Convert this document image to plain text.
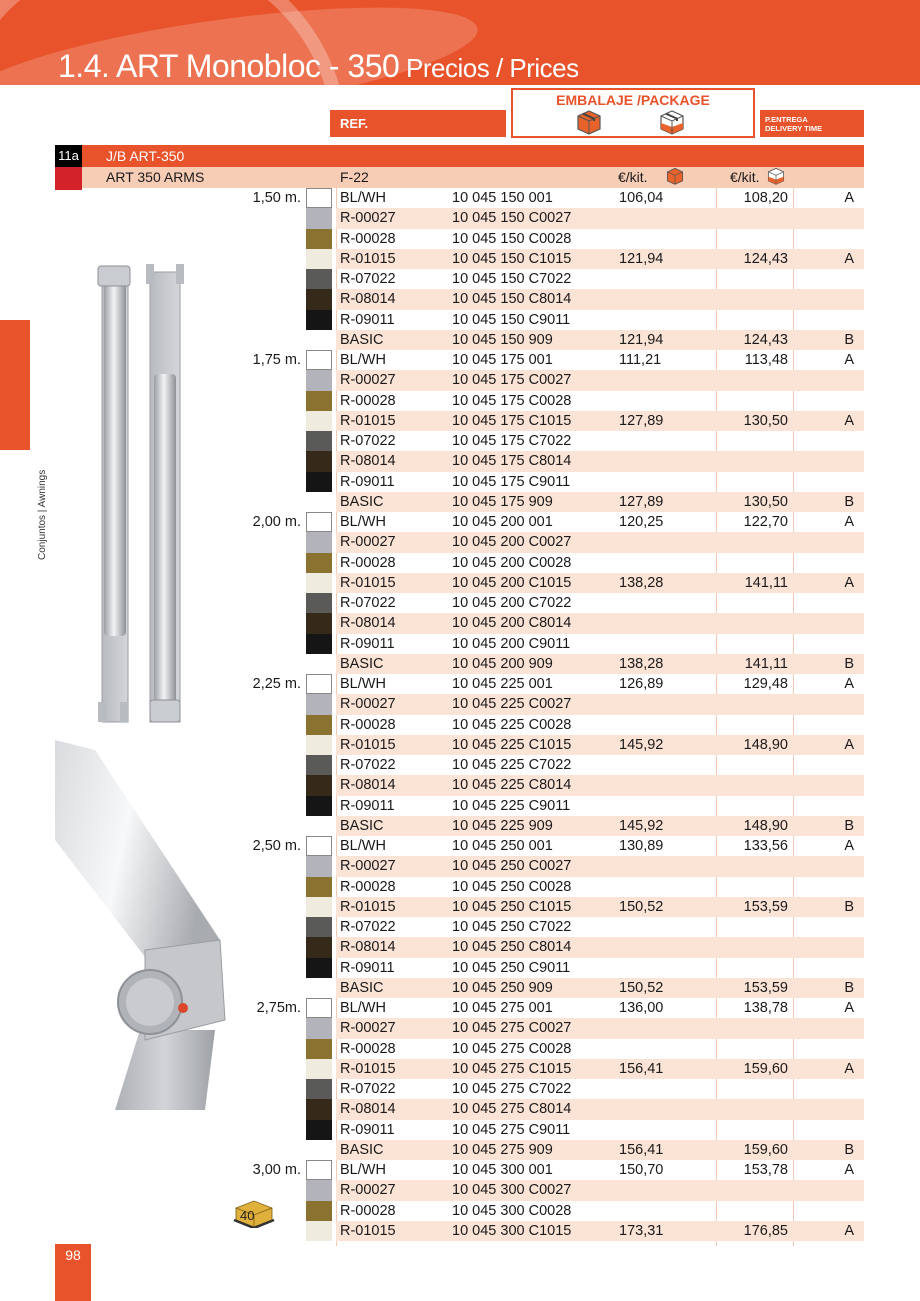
1.4. ART Monobloc - 350 Precios / Prices
REF.
EMBALAJE /PACKAGE
P.ENTREGA
DELIVERY TIME
11a	J/B ART-350
ART 350 ARMS	F-22	€/kit.	€/kit.
1,50 m.	BL/WH	10 045 150 001	106,04	108,20	A
R-00027	10 045 150 C0027
R-00028	10 045 150 C0028
R-01015	10 045 150 C1015	121,94	124,43	A
R-07022	10 045 150 C7022
R-08014	10 045 150 C8014
R-09011	10 045 150 C9011
BASIC	10 045 150 909	121,94	124,43	B
1,75 m.	BL/WH	10 045 175 001	111,21	113,48	A
R-00027	10 045 175 C0027
R-00028	10 045 175 C0028
R-01015	10 045 175 C1015	127,89	130,50	A
R-07022	10 045 175 C7022
R-08014	10 045 175 C8014
R-09011	10 045 175 C9011
BASIC	10 045 175 909	127,89	130,50	B
2,00 m.	BL/WH	10 045 200 001	120,25	122,70	A
R-00027	10 045 200 C0027
R-00028	10 045 200 C0028
R-01015	10 045 200 C1015	138,28	141,11	A
R-07022	10 045 200 C7022
R-08014	10 045 200 C8014
R-09011	10 045 200 C9011
BASIC	10 045 200 909	138,28	141,11	B
2,25 m.	BL/WH	10 045 225 001	126,89	129,48	A
R-00027	10 045 225 C0027
R-00028	10 045 225 C0028
R-01015	10 045 225 C1015	145,92	148,90	A
R-07022	10 045 225 C7022
R-08014	10 045 225 C8014
R-09011	10 045 225 C9011
BASIC	10 045 225 909	145,92	148,90	B
2,50 m.	BL/WH	10 045 250 001	130,89	133,56	A
R-00027	10 045 250 C0027
R-00028	10 045 250 C0028
R-01015	10 045 250 C1015	150,52	153,59	B
R-07022	10 045 250 C7022
R-08014	10 045 250 C8014
R-09011	10 045 250 C9011
BASIC	10 045 250 909	150,52	153,59	B
2,75m.	BL/WH	10 045 275 001	136,00	138,78	A
R-00027	10 045 275 C0027
R-00028	10 045 275 C0028
R-01015	10 045 275 C1015	156,41	159,60	A
R-07022	10 045 275 C7022
R-08014	10 045 275 C8014
R-09011	10 045 275 C9011
BASIC	10 045 275 909	156,41	159,60	B
3,00 m.	BL/WH	10 045 300 001	150,70	153,78	A
R-00027	10 045 300 C0027
R-00028	10 045 300 C0028
R-01015	10 045 300 C1015	173,31	176,85	A
Conjuntos | Awnings
98
40
